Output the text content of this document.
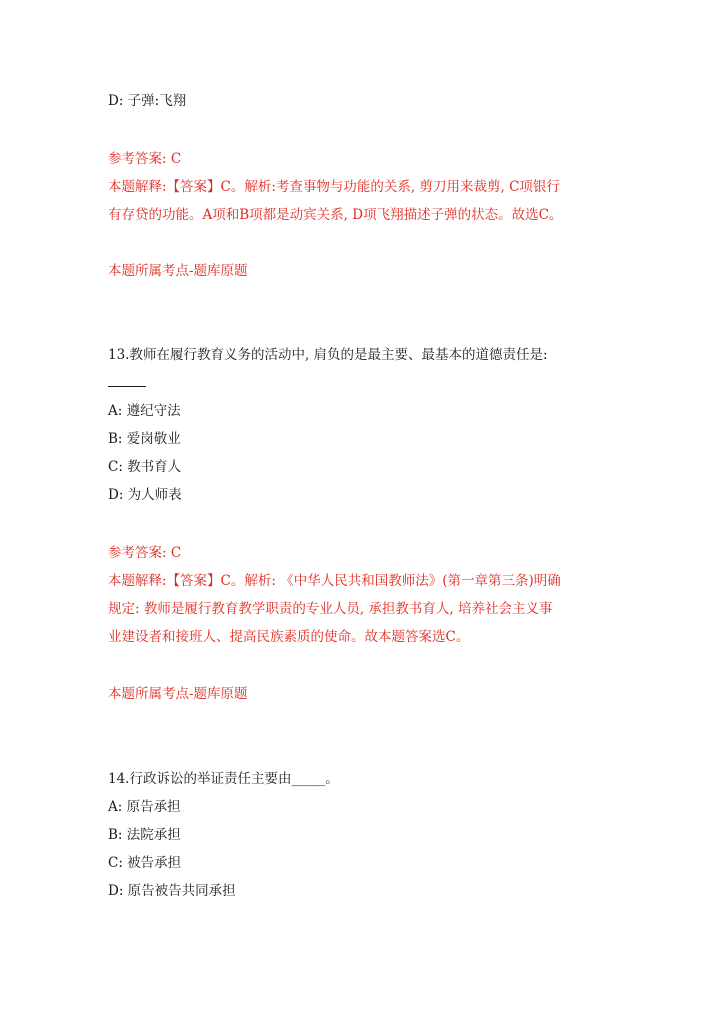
D: 子弹:飞翔
参考答案: C
本题解释:【答案】C。解析:考查事物与功能的关系, 剪刀用来裁剪, C项银行
有存贷的功能。A项和B项都是动宾关系, D项飞翔描述子弹的状态。故选C。
本题所属考点-题库原题
13.教师在履行教育义务的活动中, 肩负的是最主要、最基本的道德责任是:
A: 遵纪守法
B: 爱岗敬业
C: 教书育人
D: 为人师表
参考答案: C
本题解释:【答案】C。解析: 《中华人民共和国教师法》(第一章第三条)明确
规定: 教师是履行教育教学职责的专业人员, 承担教书育人, 培养社会主义事
业建设者和接班人、提高民族素质的使命。故本题答案选C。
本题所属考点-题库原题
14.行政诉讼的举证责任主要由_____。
A: 原告承担
B: 法院承担
C: 被告承担
D: 原告被告共同承担
